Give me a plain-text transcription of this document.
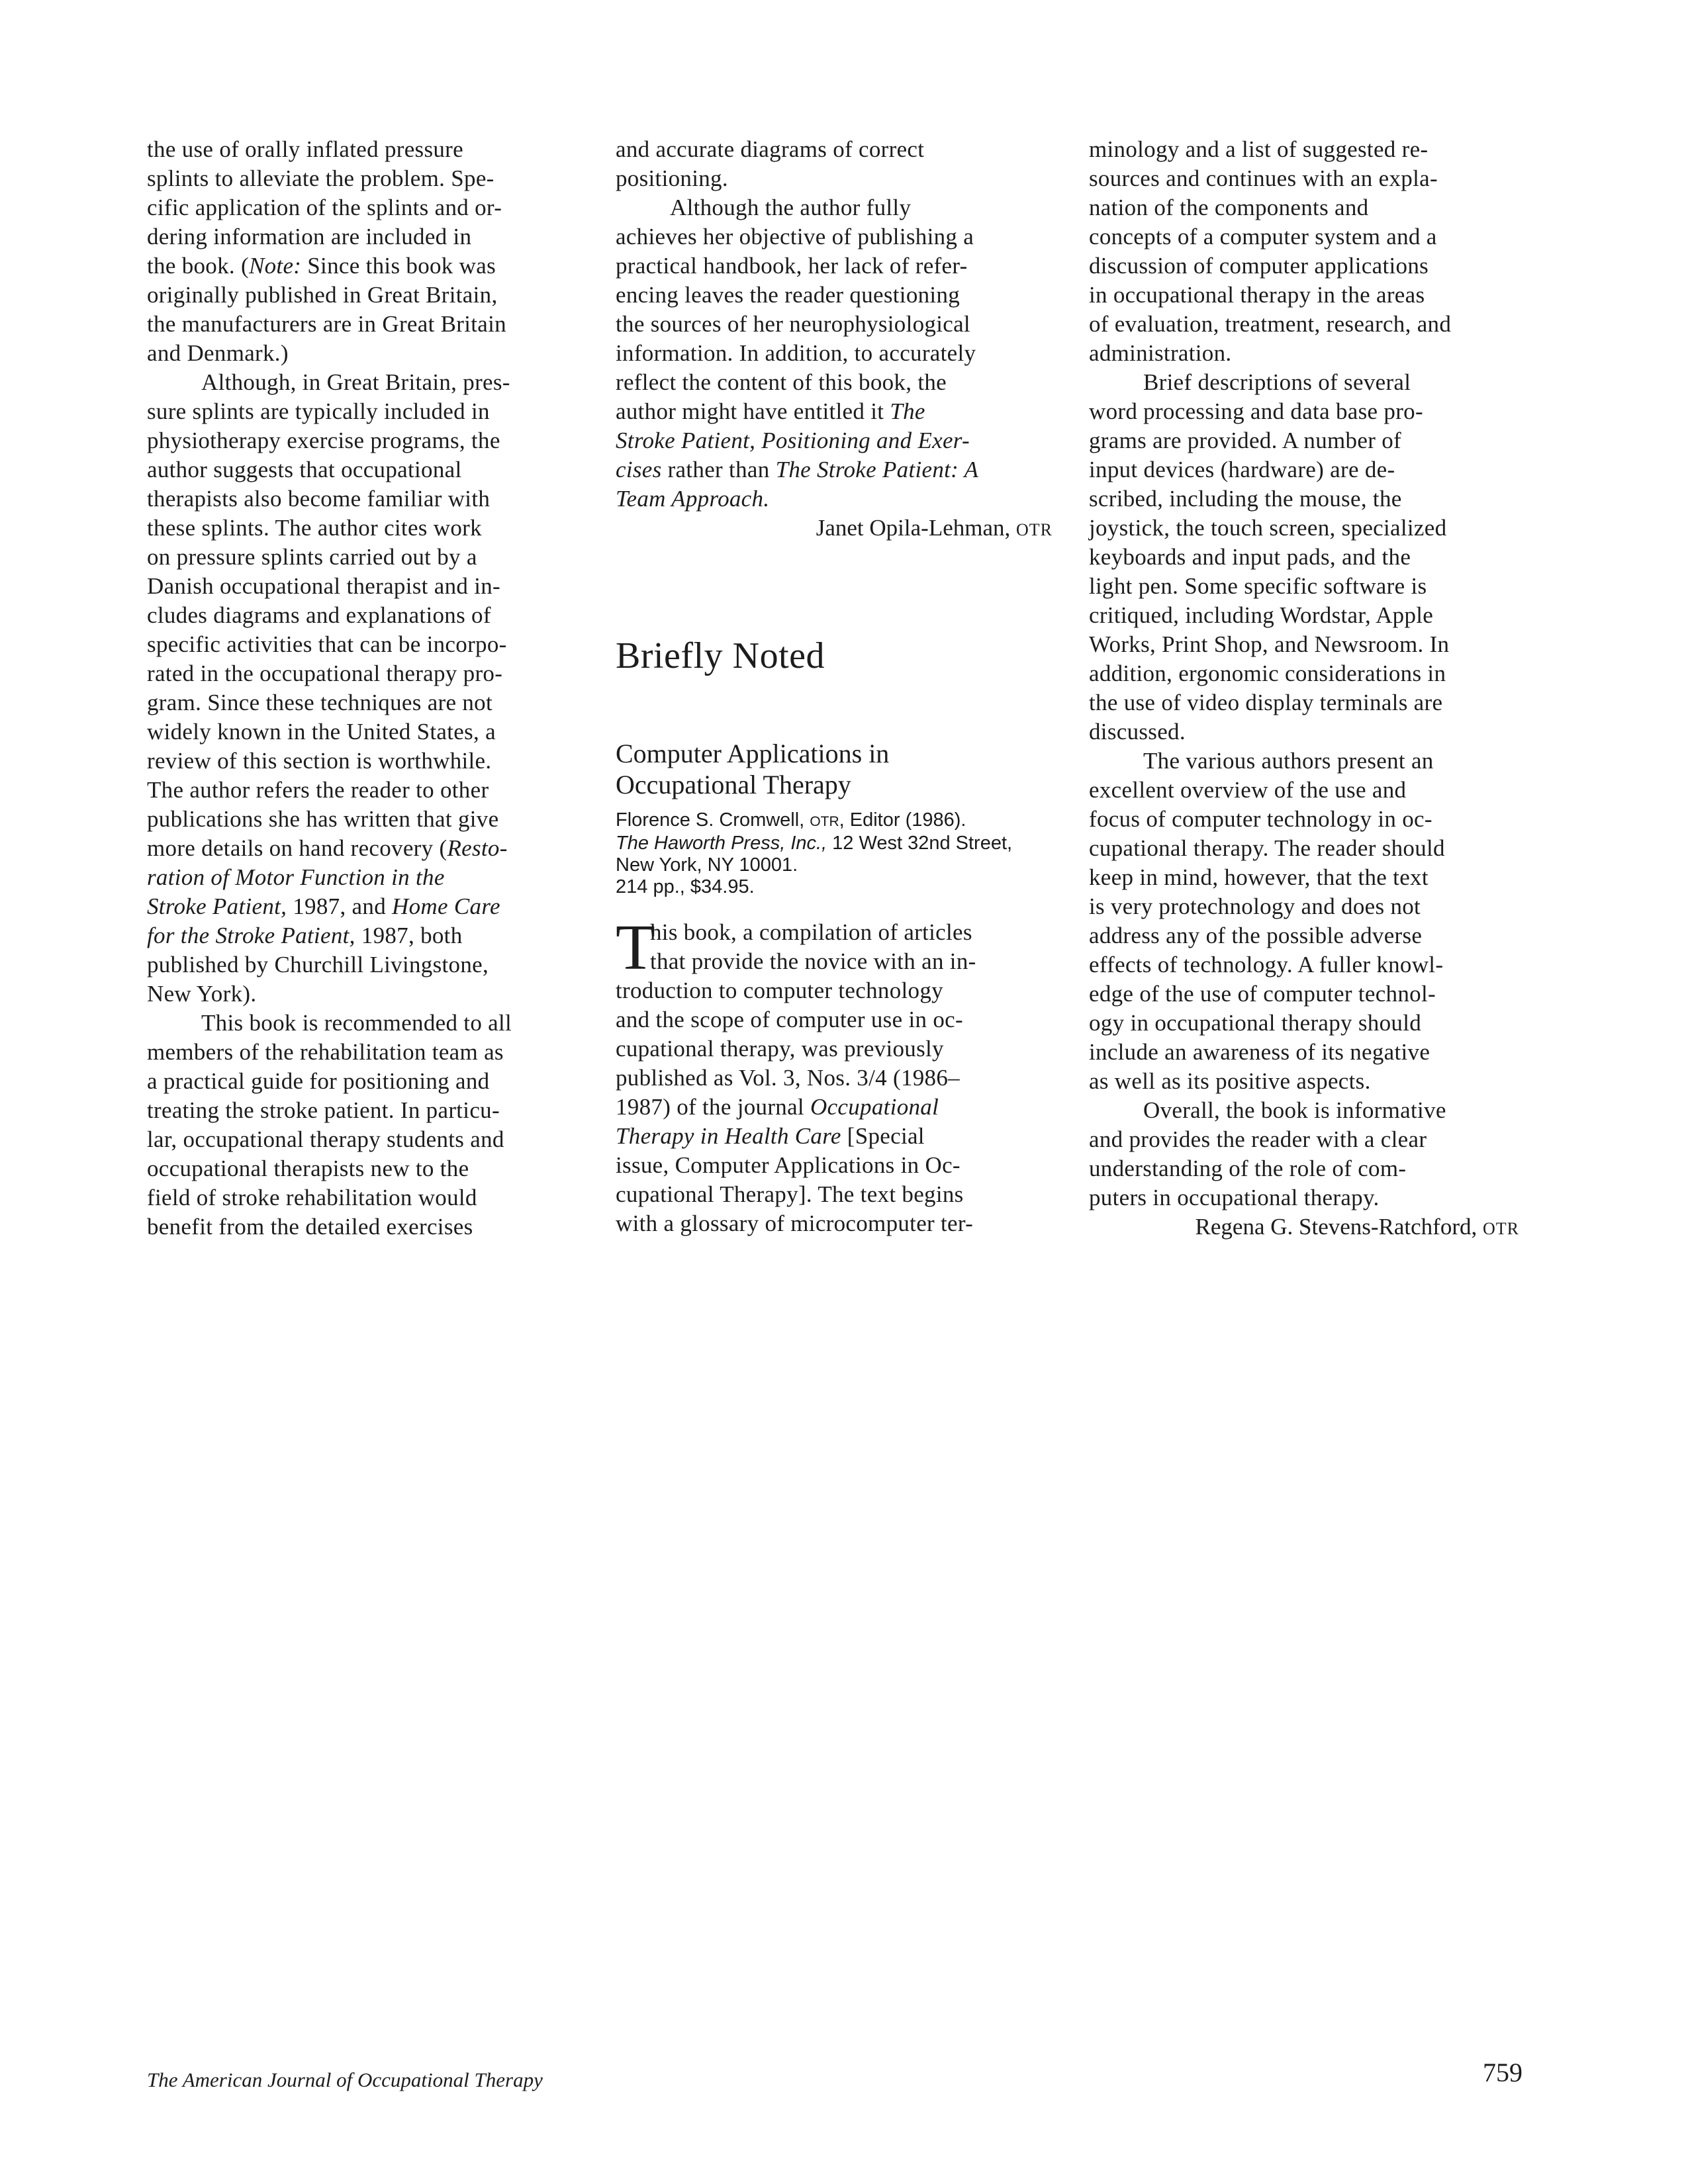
the use of orally inflated pressure
splints to alleviate the problem. Spe-
cific application of the splints and or-
dering information are included in
the book. (Note: Since this book was
originally published in Great Britain,
the manufacturers are in Great Britain
and Denmark.)
Although, in Great Britain, pres-
sure splints are typically included in
physiotherapy exercise programs, the
author suggests that occupational
therapists also become familiar with
these splints. The author cites work
on pressure splints carried out by a
Danish occupational therapist and in-
cludes diagrams and explanations of
specific activities that can be incorpo-
rated in the occupational therapy pro-
gram. Since these techniques are not
widely known in the United States, a
review of this section is worthwhile.
The author refers the reader to other
publications she has written that give
more details on hand recovery (Resto-
ration of Motor Function in the
Stroke Patient, 1987, and Home Care
for the Stroke Patient, 1987, both
published by Churchill Livingstone,
New York).
This book is recommended to all
members of the rehabilitation team as
a practical guide for positioning and
treating the stroke patient. In particu-
lar, occupational therapy students and
occupational therapists new to the
field of stroke rehabilitation would
benefit from the detailed exercises
and accurate diagrams of correct
positioning.
Although the author fully
achieves her objective of publishing a
practical handbook, her lack of refer-
encing leaves the reader questioning
the sources of her neurophysiological
information. In addition, to accurately
reflect the content of this book, the
author might have entitled it The
Stroke Patient, Positioning and Exer-
cises rather than The Stroke Patient: A
Team Approach.
Janet Opila-Lehman, OTR
Briefly Noted
Computer Applications in
Occupational Therapy
Florence S. Cromwell, OTR, Editor (1986).
The Haworth Press, Inc., 12 West 32nd Street,
New York, NY 10001.
214 pp., $34.95.
T
his book, a compilation of articles
that provide the novice with an in-
troduction to computer technology
and the scope of computer use in oc-
cupational therapy, was previously
published as Vol. 3, Nos. 3/4 (1986–
1987) of the journal Occupational
Therapy in Health Care [Special
issue, Computer Applications in Oc-
cupational Therapy]. The text begins
with a glossary of microcomputer ter-
minology and a list of suggested re-
sources and continues with an expla-
nation of the components and
concepts of a computer system and a
discussion of computer applications
in occupational therapy in the areas
of evaluation, treatment, research, and
administration.
Brief descriptions of several
word processing and data base pro-
grams are provided. A number of
input devices (hardware) are de-
scribed, including the mouse, the
joystick, the touch screen, specialized
keyboards and input pads, and the
light pen. Some specific software is
critiqued, including Wordstar, Apple
Works, Print Shop, and Newsroom. In
addition, ergonomic considerations in
the use of video display terminals are
discussed.
The various authors present an
excellent overview of the use and
focus of computer technology in oc-
cupational therapy. The reader should
keep in mind, however, that the text
is very protechnology and does not
address any of the possible adverse
effects of technology. A fuller knowl-
edge of the use of computer technol-
ogy in occupational therapy should
include an awareness of its negative
as well as its positive aspects.
Overall, the book is informative
and provides the reader with a clear
understanding of the role of com-
puters in occupational therapy.
Regena G. Stevens-Ratchford, OTR
The American Journal of Occupational Therapy	759
